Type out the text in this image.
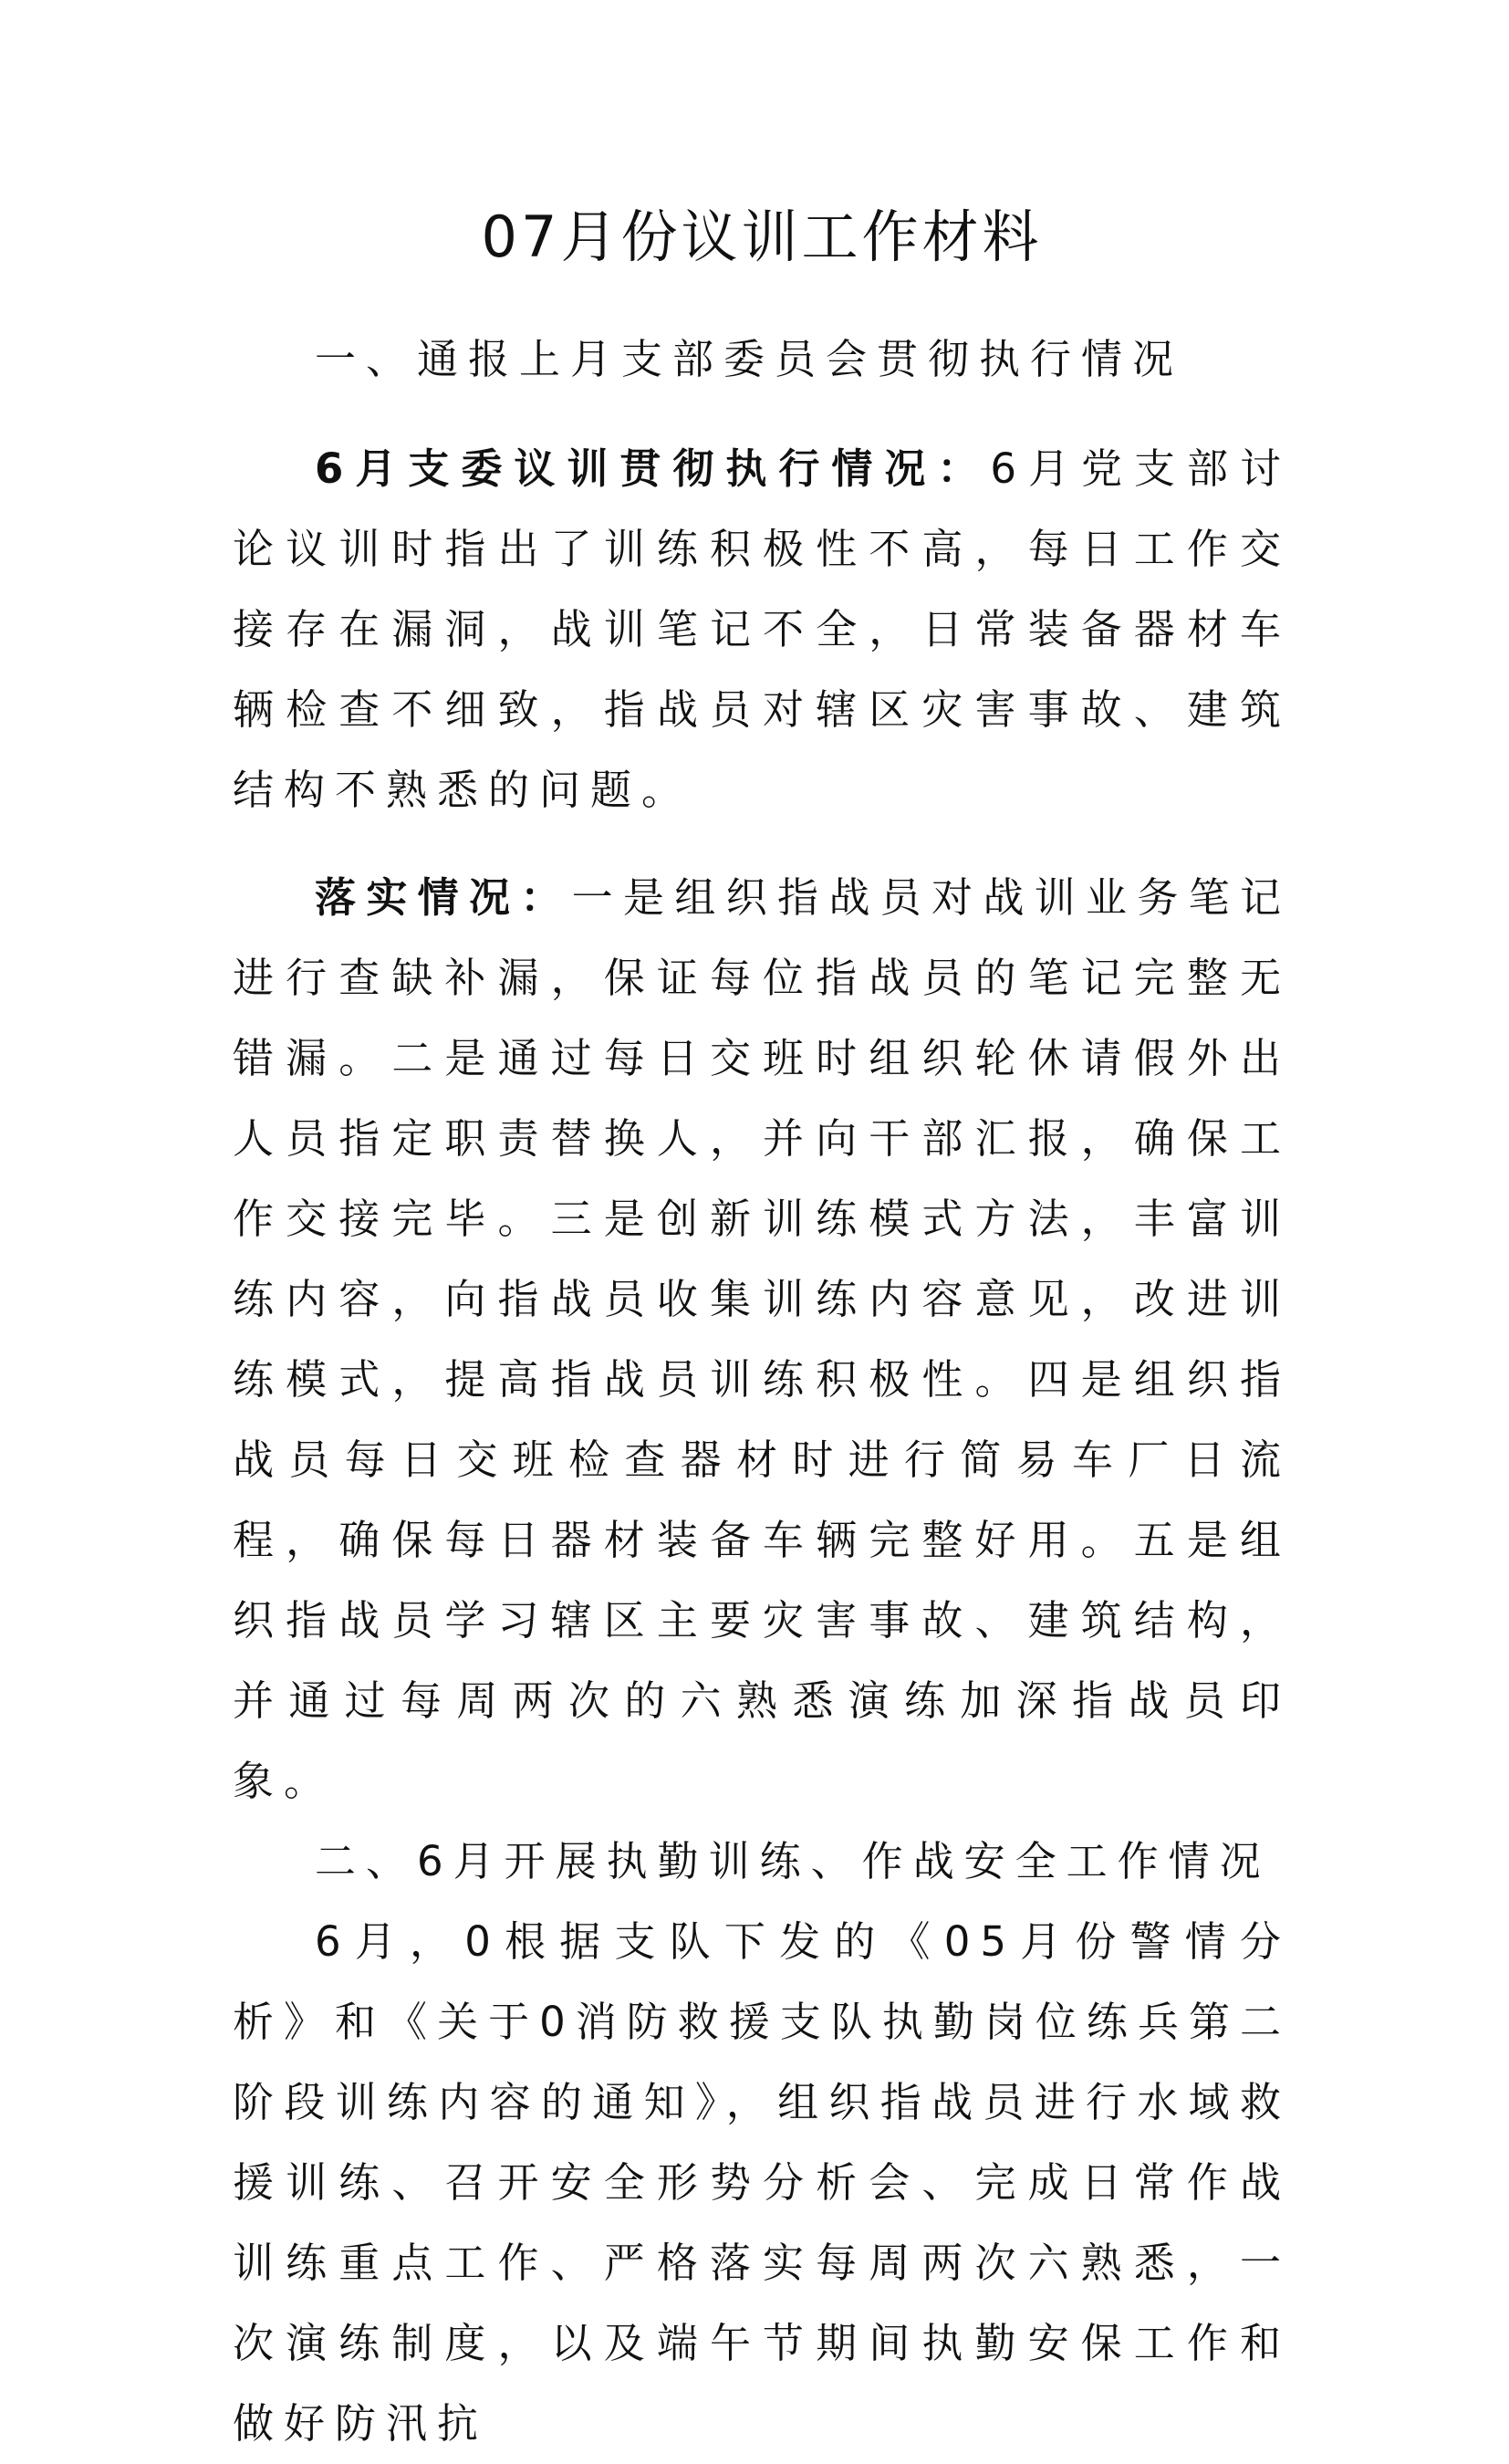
07月份议训工作材料

一、通报上月支部委员会贯彻执行情况

6月支委议训贯彻执行情况：6月党支部讨论议训时指出了训练积极性不高，每日工作交接存在漏洞，战训笔记不全，日常装备器材车辆检查不细致，指战员对辖区灾害事故、建筑结构不熟悉的问题。

落实情况：一是组织指战员对战训业务笔记进行查缺补漏，保证每位指战员的笔记完整无错漏。二是通过每日交班时组织轮休请假外出人员指定职责替换人，并向干部汇报，确保工作交接完毕。三是创新训练模式方法，丰富训练内容，向指战员收集训练内容意见，改进训练模式，提高指战员训练积极性。四是组织指战员每日交班检查器材时进行简易车厂日流程，确保每日器材装备车辆完整好用。五是组织指战员学习辖区主要灾害事故、建筑结构，并通过每周两次的六熟悉演练加深指战员印象。

二、6月开展执勤训练、作战安全工作情况

6月，0根据支队下发的《05月份警情分析》和《关于0消防救援支队执勤岗位练兵第二阶段训练内容的通知》，组织指战员进行水域救援训练、召开安全形势分析会、完成日常作战训练重点工作、严格落实每周两次六熟悉，一次演练制度，以及端午节期间执勤安保工作和做好防汛抗
